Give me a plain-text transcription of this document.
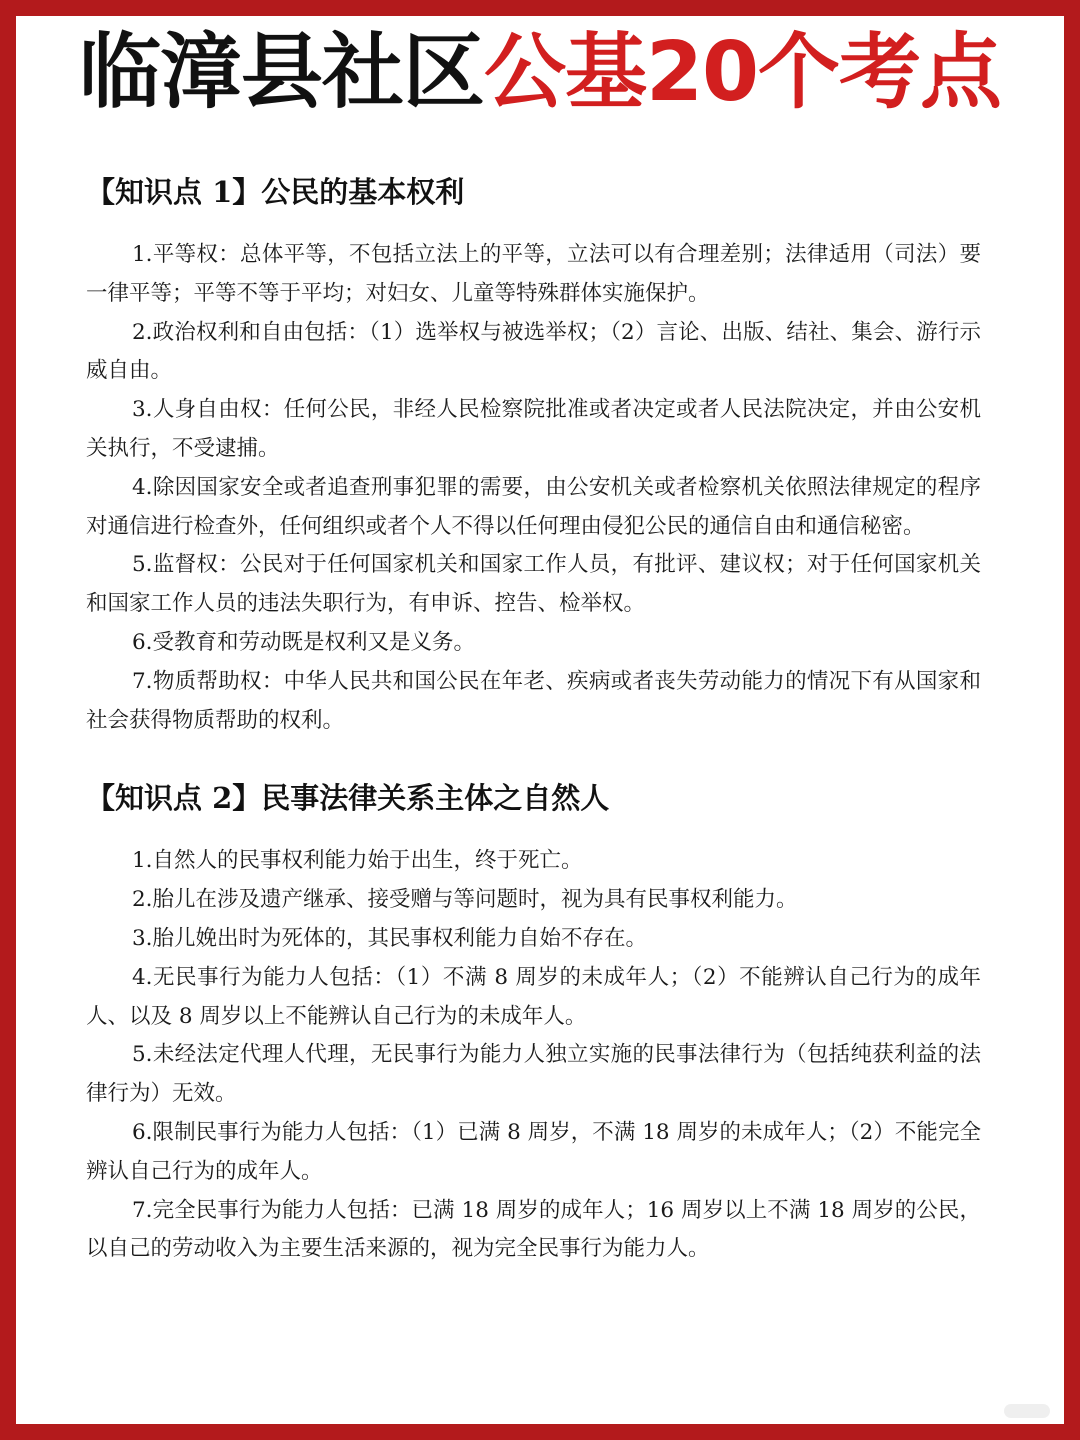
临漳县社区公基20个考点
【知识点 1】公民的基本权利

1.平等权：总体平等，不包括立法上的平等，立法可以有合理差别；法律适用（司法）要一律平等；平等不等于平均；对妇女、儿童等特殊群体实施保护。

2.政治权利和自由包括：（1）选举权与被选举权；（2）言论、出版、结社、集会、游行示威自由。

3.人身自由权：任何公民，非经人民检察院批准或者决定或者人民法院决定，并由公安机关执行，不受逮捕。

4.除因国家安全或者追查刑事犯罪的需要，由公安机关或者检察机关依照法律规定的程序对通信进行检查外，任何组织或者个人不得以任何理由侵犯公民的通信自由和通信秘密。

5.监督权：公民对于任何国家机关和国家工作人员，有批评、建议权；对于任何国家机关和国家工作人员的违法失职行为，有申诉、控告、检举权。

6.受教育和劳动既是权利又是义务。

7.物质帮助权：中华人民共和国公民在年老、疾病或者丧失劳动能力的情况下有从国家和社会获得物质帮助的权利。

【知识点 2】民事法律关系主体之自然人

1.自然人的民事权利能力始于出生，终于死亡。

2.胎儿在涉及遗产继承、接受赠与等问题时，视为具有民事权利能力。

3.胎儿娩出时为死体的，其民事权利能力自始不存在。

4.无民事行为能力人包括：（1）不满 8 周岁的未成年人；（2）不能辨认自己行为的成年人、以及 8 周岁以上不能辨认自己行为的未成年人。

5.未经法定代理人代理，无民事行为能力人独立实施的民事法律行为（包括纯获利益的法律行为）无效。

6.限制民事行为能力人包括：（1）已满 8 周岁，不满 18 周岁的未成年人；（2）不能完全辨认自己行为的成年人。

7.完全民事行为能力人包括：已满 18 周岁的成年人；16 周岁以上不满 18 周岁的公民，以自己的劳动收入为主要生活来源的，视为完全民事行为能力人。
